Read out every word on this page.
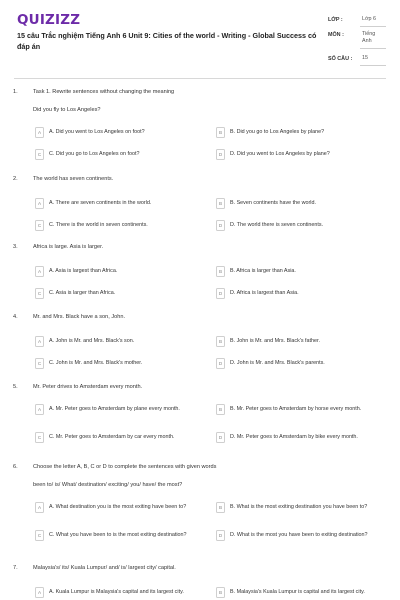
QUIZIZZ
15 câu Trắc nghiệm Tiếng Anh 6 Unit 9: Cities of the world - Writing - Global Success có đáp án
LỚP :	Lớp 6
MÔN :	Tiếng Anh
SỐ CÂU : 15
1.	Task 1. Rewrite sentences without changing the meaning
Did you fly to Los Angeles?
A	A. Did you went to Los Angeles on foot?	B	B. Did you go to Los Angeles by plane?
C	C. Did you go to Los Angeles on foot?	D	D. Did you went to Los Angeles by plane?
2.	The world has seven continents.
A	A. There are seven continents in the world.	B	B. Seven continents have the world.
C	C. There is the world in seven continents.	D	D. The world there is seven continents.
3.	Africa is large. Asia is larger.
A	A. Asia is largest than Africa.	B	B. Africa is larger than Asia.
C	C. Asia is larger than Africa.	D	D. Africa is largest than Asia.
4.	Mr. and Mrs. Black have a son, John.
A	A. John is Mr. and Mrs. Black's son.	B	B. John is Mr. and Mrs. Black's father.
C	C. John is Mr. and Mrs. Black's mother.	D	D. John is Mr. and Mrs. Black's parents.
5.	Mr. Peter drives to Amsterdam every month.
A	A. Mr. Peter goes to Amsterdam by plane every month.	B	B. Mr. Peter goes to Amsterdam by horse every month.
C	C. Mr. Peter goes to Amsterdam by car every month.	D	D. Mr. Peter goes to Amsterdam by bike every month.
6.	Choose the letter A, B, C or D to complete the sentences with given words
been to/ is/ What/ destination/ exciting/ you/ have/ the most?
A	A. What destination you is the most exiting have been to?	B	B. What is the most exiting destination you have been to?
C	C. What you have been to is the most exiting destination?	D	D. What is the most you have been to exiting destination?
7.	Malaysia's/ its/ Kuala Lumpur/ and/ is/ largest city/ capital.
A	A. Kuala Lumpur is Malaysia's capital and its largest city.	B	B. Malaysia's Kuala Lumpur is capital and its largest city.
